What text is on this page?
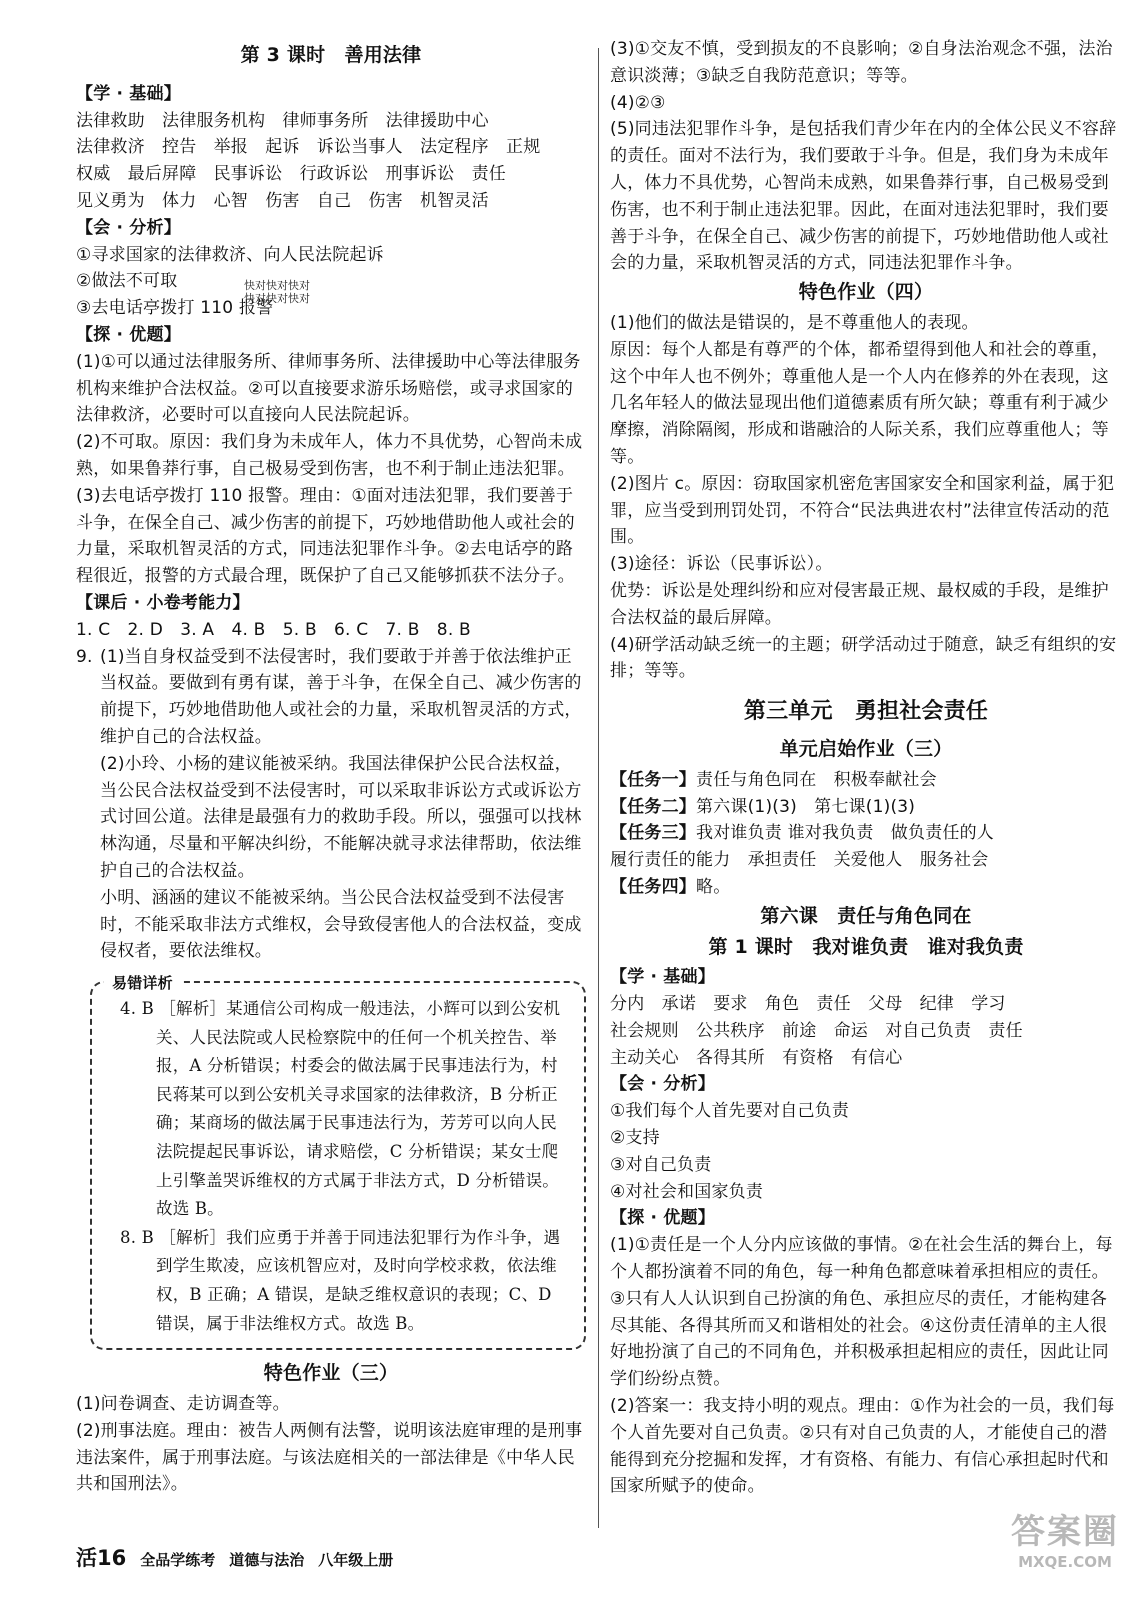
第 3 课时　善用法律

【学 · 基础】

法律救助　法律服务机构　律师事务所　法律援助中心

法律救济　控告　举报　起诉　诉讼当事人　法定程序　正规

权威　最后屏障　民事诉讼　行政诉讼　刑事诉讼　责任

见义勇为　体力　心智　伤害　自己　伤害　机智灵活

【会 · 分析】

①寻求国家的法律救济、向人民法院起诉

②做法不可取

③去电话亭拨打 110 报警

【探 · 优题】

(1)①可以通过法律服务所、律师事务所、法律援助中心等法律服务机构来维护合法权益。②可以直接要求游乐场赔偿，或寻求国家的法律救济，必要时可以直接向人民法院起诉。

(2)不可取。原因：我们身为未成年人，体力不具优势，心智尚未成熟，如果鲁莽行事，自己极易受到伤害，也不利于制止违法犯罪。

(3)去电话亭拨打 110 报警。理由：①面对违法犯罪，我们要善于斗争，在保全自己、减少伤害的前提下，巧妙地借助他人或社会的力量，采取机智灵活的方式，同违法犯罪作斗争。②去电话亭的路程很近，报警的方式最合理，既保护了自己又能够抓获不法分子。

【课后 · 小卷考能力】

1. C　2. D　3. A　4. B　5. B　6. C　7. B　8. B

9. (1)当自身权益受到不法侵害时，我们要敢于并善于依法维护正当权益。要做到有勇有谋，善于斗争，在保全自己、减少伤害的前提下，巧妙地借助他人或社会的力量，采取机智灵活的方式，维护自己的合法权益。

(2)小玲、小杨的建议能被采纳。我国法律保护公民合法权益，当公民合法权益受到不法侵害时，可以采取非诉讼方式或诉讼方式讨回公道。法律是最强有力的救助手段。所以，强强可以找林林沟通，尽量和平解决纠纷，不能解决就寻求法律帮助，依法维护自己的合法权益。

小明、涵涵的建议不能被采纳。当公民合法权益受到不法侵害时，不能采取非法方式维权，会导致侵害他人的合法权益，变成侵权者，要依法维权。

易错详析

4. B ［解析］某通信公司构成一般违法，小辉可以到公安机关、人民法院或人民检察院中的任何一个机关控告、举报，A 分析错误；村委会的做法属于民事违法行为，村民蒋某可以到公安机关寻求国家的法律救济，B 分析正确；某商场的做法属于民事违法行为，芳芳可以向人民法院提起民事诉讼，请求赔偿，C 分析错误；某女士爬上引擎盖哭诉维权的方式属于非法方式，D 分析错误。故选 B。

8. B ［解析］我们应勇于并善于同违法犯罪行为作斗争，遇到学生欺凌，应该机智应对，及时向学校求救，依法维权，B 正确；A 错误，是缺乏维权意识的表现；C、D 错误，属于非法维权方式。故选 B。

特色作业（三）

(1)问卷调查、走访调查等。

(2)刑事法庭。理由：被告人两侧有法警，说明该法庭审理的是刑事违法案件，属于刑事法庭。与该法庭相关的一部法律是《中华人民共和国刑法》。

快对快对快对
快对快对快对

(3)①交友不慎，受到损友的不良影响；②自身法治观念不强，法治意识淡薄；③缺乏自我防范意识；等等。

(4)②③

(5)同违法犯罪作斗争，是包括我们青少年在内的全体公民义不容辞的责任。面对不法行为，我们要敢于斗争。但是，我们身为未成年人，体力不具优势，心智尚未成熟，如果鲁莽行事，自己极易受到伤害，也不利于制止违法犯罪。因此，在面对违法犯罪时，我们要善于斗争，在保全自己、减少伤害的前提下，巧妙地借助他人或社会的力量，采取机智灵活的方式，同违法犯罪作斗争。

特色作业（四）

(1)他们的做法是错误的，是不尊重他人的表现。

原因：每个人都是有尊严的个体，都希望得到他人和社会的尊重，这个中年人也不例外；尊重他人是一个人内在修养的外在表现，这几名年轻人的做法显现出他们道德素质有所欠缺；尊重有利于减少摩擦，消除隔阂，形成和谐融洽的人际关系，我们应尊重他人；等等。

(2)图片 c。原因：窃取国家机密危害国家安全和国家利益，属于犯罪，应当受到刑罚处罚，不符合“民法典进农村”法律宣传活动的范围。

(3)途径：诉讼（民事诉讼）。

优势：诉讼是处理纠纷和应对侵害最正规、最权威的手段，是维护合法权益的最后屏障。

(4)研学活动缺乏统一的主题；研学活动过于随意，缺乏有组织的安排；等等。

第三单元　勇担社会责任

单元启始作业（三）

【任务一】责任与角色同在　积极奉献社会

【任务二】第六课(1)(3)　第七课(1)(3)

【任务三】我对谁负责 谁对我负责　做负责任的人

履行责任的能力　承担责任　关爱他人　服务社会

【任务四】略。

第六课　责任与角色同在

第 1 课时　我对谁负责　谁对我负责

【学 · 基础】

分内　承诺　要求　角色　责任　父母　纪律　学习

社会规则　公共秩序　前途　命运　对自己负责　责任

主动关心　各得其所　有资格　有信心

【会 · 分析】

①我们每个人首先要对自己负责

②支持

③对自己负责

④对社会和国家负责

【探 · 优题】

(1)①责任是一个人分内应该做的事情。②在社会生活的舞台上，每个人都扮演着不同的角色，每一种角色都意味着承担相应的责任。③只有人人认识到自己扮演的角色、承担应尽的责任，才能构建各尽其能、各得其所而又和谐相处的社会。④这份责任清单的主人很好地扮演了自己的不同角色，并积极承担起相应的责任，因此让同学们纷纷点赞。

(2)答案一：我支持小明的观点。理由：①作为社会的一员，我们每个人首先要对自己负责。②只有对自己负责的人，才能使自己的潜能得到充分挖掘和发挥，才有资格、有能力、有信心承担起时代和国家所赋予的使命。

活16 全品学练考 道德与法治 八年级上册
答案圈
MXQE.COM
